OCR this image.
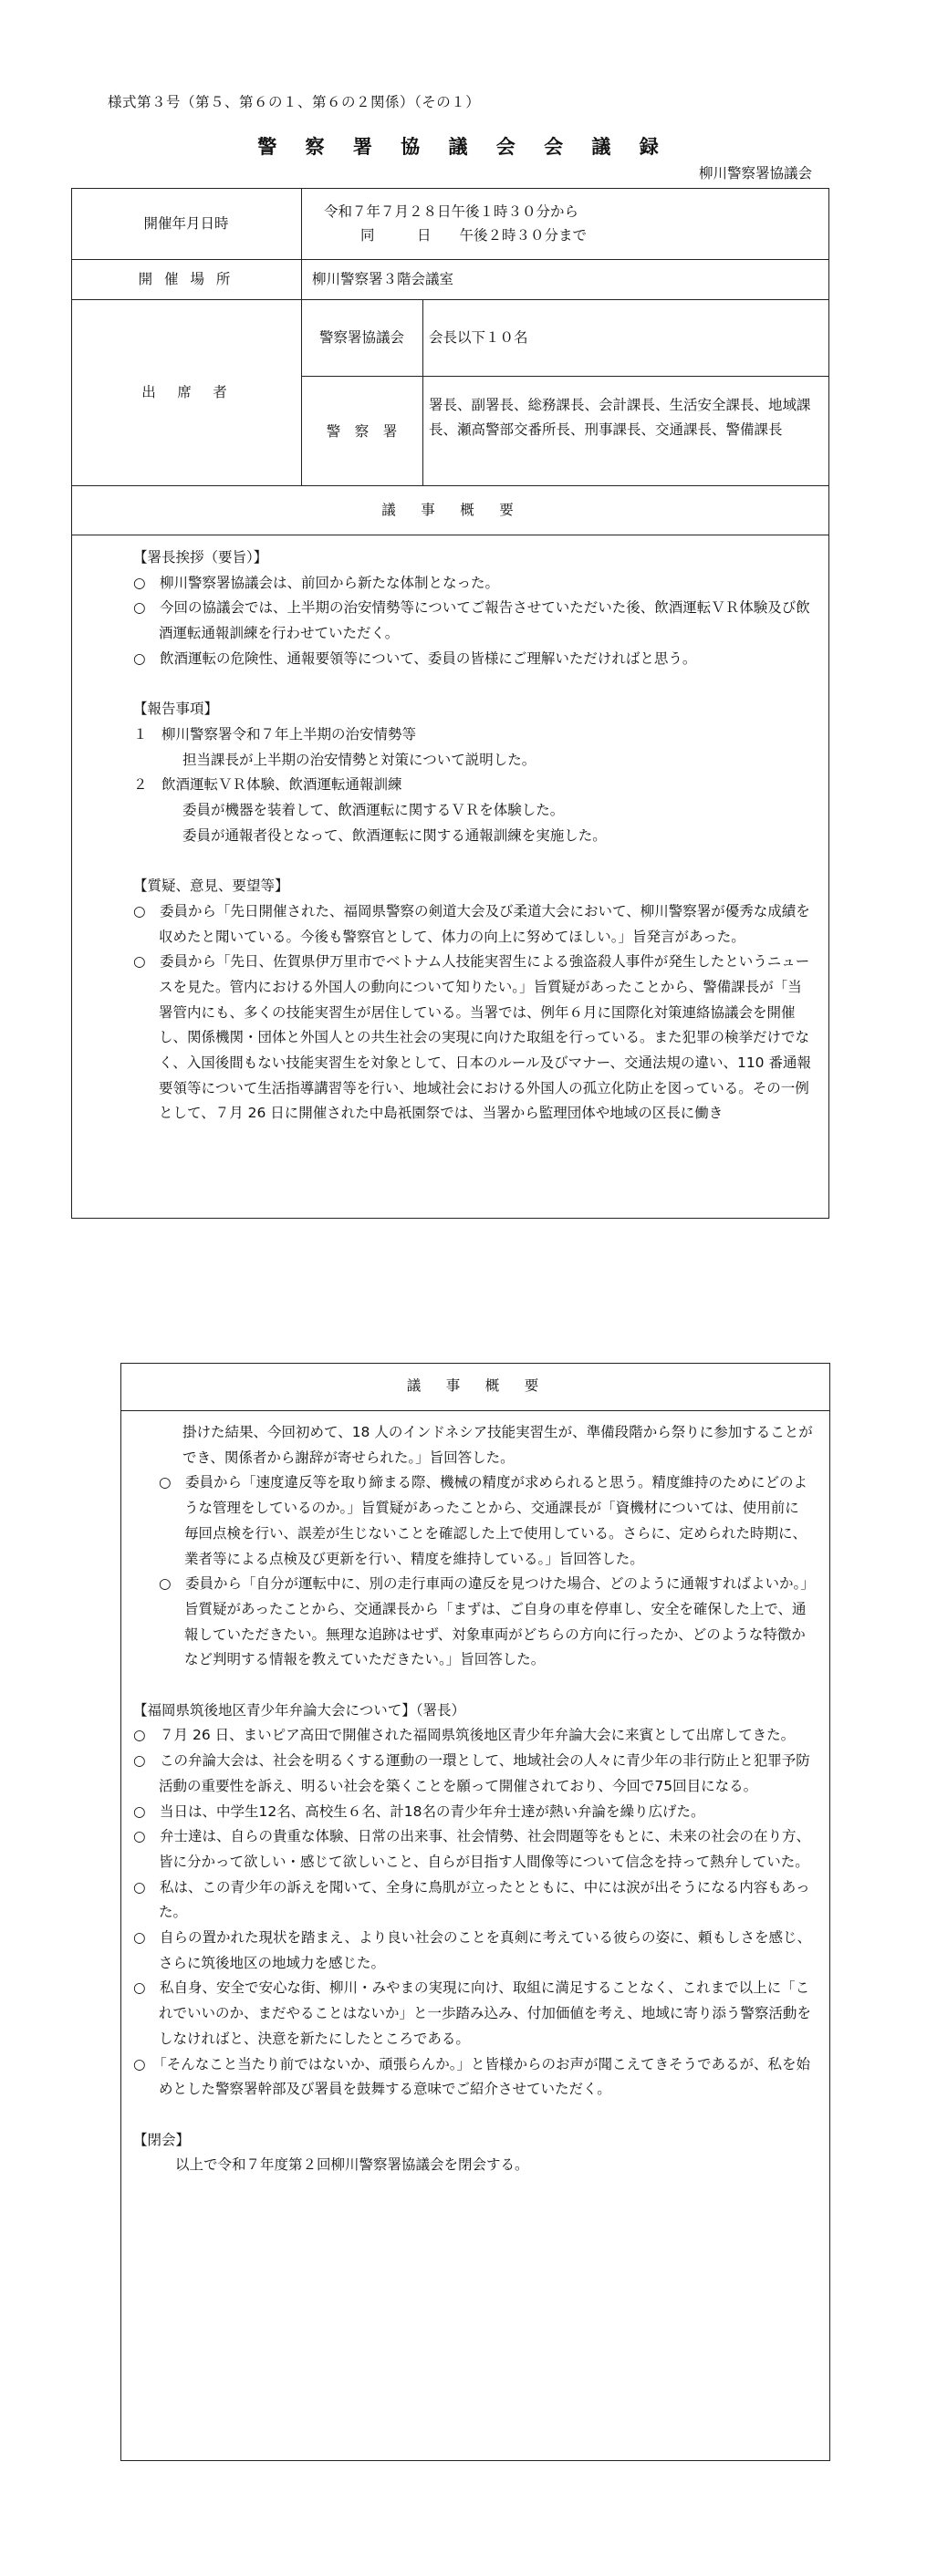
様式第３号（第５、第６の１、第６の２関係）（その１）
警 察 署 協 議 会 会 議 録
柳川警察署協議会
開催年月日時
令和７年７月２８日午後１時３０分から
同　　　日　　午後２時３０分まで
開 催 場 所	柳川警察署３階会議室
出　席　者
警察署協議会	会長以下１０名
警　察　署
署長、副署長、総務課長、会計課長、生活安全課長、地域課長、瀬高警部交番所長、刑事課長、交通課長、警備課長
議　事　概　要

【署長挨拶（要旨）】

○　柳川警察署協議会は、前回から新たな体制となった。

○　今回の協議会では、上半期の治安情勢等についてご報告させていただいた後、飲酒運転ＶＲ体験及び飲酒運転通報訓練を行わせていただく。

○　飲酒運転の危険性、通報要領等について、委員の皆様にご理解いただければと思う。

【報告事項】

１　柳川警察署令和７年上半期の治安情勢等

担当課長が上半期の治安情勢と対策について説明した。

２　飲酒運転ＶＲ体験、飲酒運転通報訓練

委員が機器を装着して、飲酒運転に関するＶＲを体験した。

委員が通報者役となって、飲酒運転に関する通報訓練を実施した。

【質疑、意見、要望等】

○　委員から「先日開催された、福岡県警察の剣道大会及び柔道大会において、柳川警察署が優秀な成績を収めたと聞いている。今後も警察官として、体力の向上に努めてほしい。」旨発言があった。

○　委員から「先日、佐賀県伊万里市でベトナム人技能実習生による強盗殺人事件が発生したというニュースを見た。管内における外国人の動向について知りたい。」旨質疑があったことから、警備課長が「当署管内にも、多くの技能実習生が居住している。当署では、例年６月に国際化対策連絡協議会を開催し、関係機関・団体と外国人との共生社会の実現に向けた取組を行っている。また犯罪の検挙だけでなく、入国後間もない技能実習生を対象として、日本のルール及びマナー、交通法規の違い、110 番通報要領等について生活指導講習等を行い、地域社会における外国人の孤立化防止を図っている。その一例として、７月 26 日に開催された中島祇園祭では、当署から監理団体や地域の区長に働き

議　事　概　要

掛けた結果、今回初めて、18 人のインドネシア技能実習生が、準備段階から祭りに参加することができ、関係者から謝辞が寄せられた。」旨回答した。

○　委員から「速度違反等を取り締まる際、機械の精度が求められると思う。精度維持のためにどのような管理をしているのか。」旨質疑があったことから、交通課長が「資機材については、使用前に毎回点検を行い、誤差が生じないことを確認した上で使用している。さらに、定められた時期に、業者等による点検及び更新を行い、精度を維持している。」旨回答した。

○　委員から「自分が運転中に、別の走行車両の違反を見つけた場合、どのように通報すればよいか。」旨質疑があったことから、交通課長から「まずは、ご自身の車を停車し、安全を確保した上で、通報していただきたい。無理な追跡はせず、対象車両がどちらの方向に行ったか、どのような特徴かなど判明する情報を教えていただきたい。」旨回答した。

【福岡県筑後地区青少年弁論大会について】（署長）

○　７月 26 日、まいピア高田で開催された福岡県筑後地区青少年弁論大会に来賓として出席してきた。

○　この弁論大会は、社会を明るくする運動の一環として、地域社会の人々に青少年の非行防止と犯罪予防活動の重要性を訴え、明るい社会を築くことを願って開催されており、今回で75回目になる。

○　当日は、中学生12名、高校生６名、計18名の青少年弁士達が熱い弁論を繰り広げた。

○　弁士達は、自らの貴重な体験、日常の出来事、社会情勢、社会問題等をもとに、未来の社会の在り方、皆に分かって欲しい・感じて欲しいこと、自らが目指す人間像等について信念を持って熱弁していた。

○　私は、この青少年の訴えを聞いて、全身に鳥肌が立ったとともに、中には涙が出そうになる内容もあった。

○　自らの置かれた現状を踏まえ、より良い社会のことを真剣に考えている彼らの姿に、頼もしさを感じ、さらに筑後地区の地域力を感じた。

○　私自身、安全で安心な街、柳川・みやまの実現に向け、取組に満足することなく、これまで以上に「これでいいのか、まだやることはないか」と一歩踏み込み、付加価値を考え、地域に寄り添う警察活動をしなければと、決意を新たにしたところである。

○　「そんなこと当たり前ではないか、頑張らんか。」と皆様からのお声が聞こえてきそうであるが、私を始めとした警察署幹部及び署員を鼓舞する意味でご紹介させていただく。

【閉会】

以上で令和７年度第２回柳川警察署協議会を閉会する。
